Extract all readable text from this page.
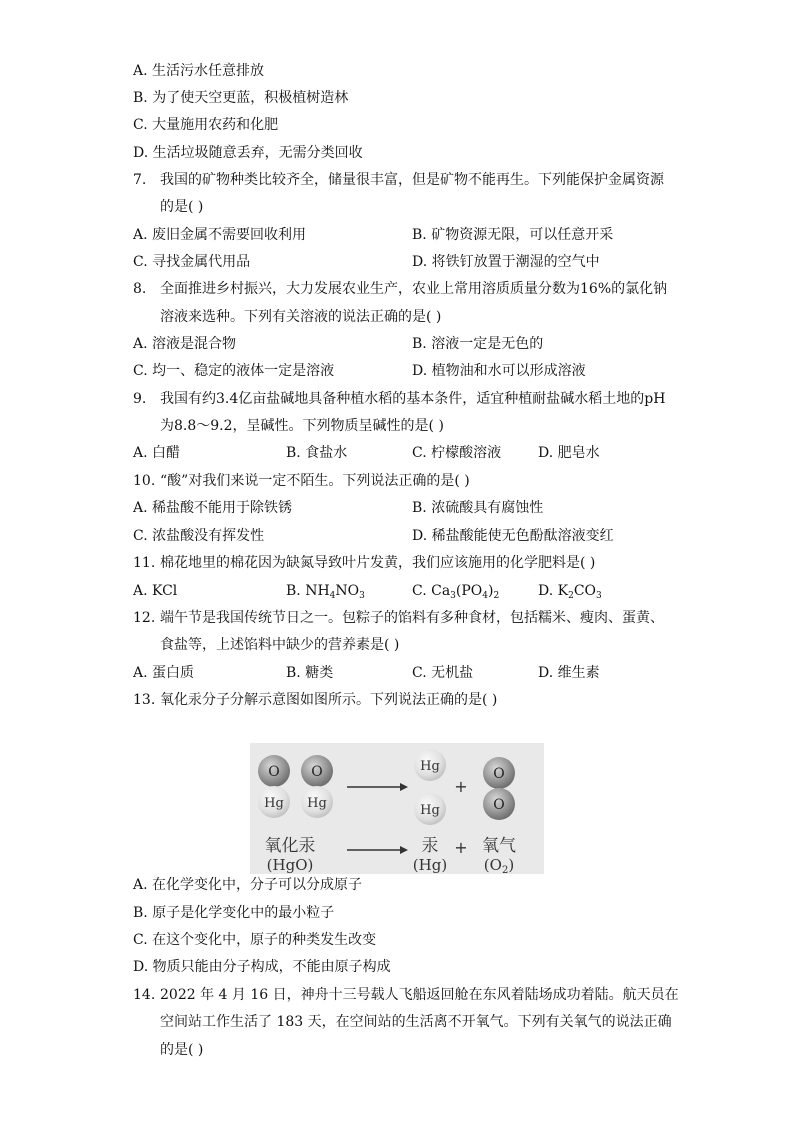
A. 生活污水任意排放
B. 为了使天空更蓝，积极植树造林
C. 大量施用农药和化肥
D. 生活垃圾随意丢弃，无需分类回收
7. 我国的矿物种类比较齐全，储量很丰富，但是矿物不能再生。下列能保护金属资源
的是( )
A. 废旧金属不需要回收利用	B. 矿物资源无限，可以任意开采
C. 寻找金属代用品	D. 将铁钉放置于潮湿的空气中
8. 全面推进乡村振兴，大力发展农业生产，农业上常用溶质质量分数为16%的氯化钠
溶液来选种。下列有关溶液的说法正确的是( )
A. 溶液是混合物	B. 溶液一定是无色的
C. 均一、稳定的液体一定是溶液	D. 植物油和水可以形成溶液
9. 我国有约3.4亿亩盐碱地具备种植水稻的基本条件，适宜种植耐盐碱水稻土地的pH
为8.8～9.2，呈碱性。下列物质呈碱性的是( )
A. 白醋	B. 食盐水	C. 柠檬酸溶液	D. 肥皂水
10. “酸”对我们来说一定不陌生。下列说法正确的是( )
A. 稀盐酸不能用于除铁锈	B. 浓硫酸具有腐蚀性
C. 浓盐酸没有挥发性	D. 稀盐酸能使无色酚酞溶液变红
11. 棉花地里的棉花因为缺氮导致叶片发黄，我们应该施用的化学肥料是( )
A. KCl	B. $NH_4NO_3$	C. $Ca_3(PO_4)_2$	D. $K_2CO_3$
12. 端午节是我国传统节日之一。包粽子的馅料有多种食材，包括糯米、瘦肉、蛋黄、
食盐等，上述馅料中缺少的营养素是( )
A. 蛋白质	B. 糖类	C. 无机盐	D. 维生素
13. 氧化汞分子分解示意图如图所示。下列说法正确的是( )
O
Hg
O
Hg
Hg
Hg
+
O
O
氧化汞
(HgO)
汞
(Hg)
+ 氧气
$(O_2)$
A. 在化学变化中，分子可以分成原子
B. 原子是化学变化中的最小粒子
C. 在这个变化中，原子的种类发生改变
D. 物质只能由分子构成，不能由原子构成
14. 2022 年 4 月 16 日，神舟十三号载人飞船返回舱在东风着陆场成功着陆。航天员在
空间站工作生活了 183 天，在空间站的生活离不开氧气。下列有关氧气的说法正确
的是( )
